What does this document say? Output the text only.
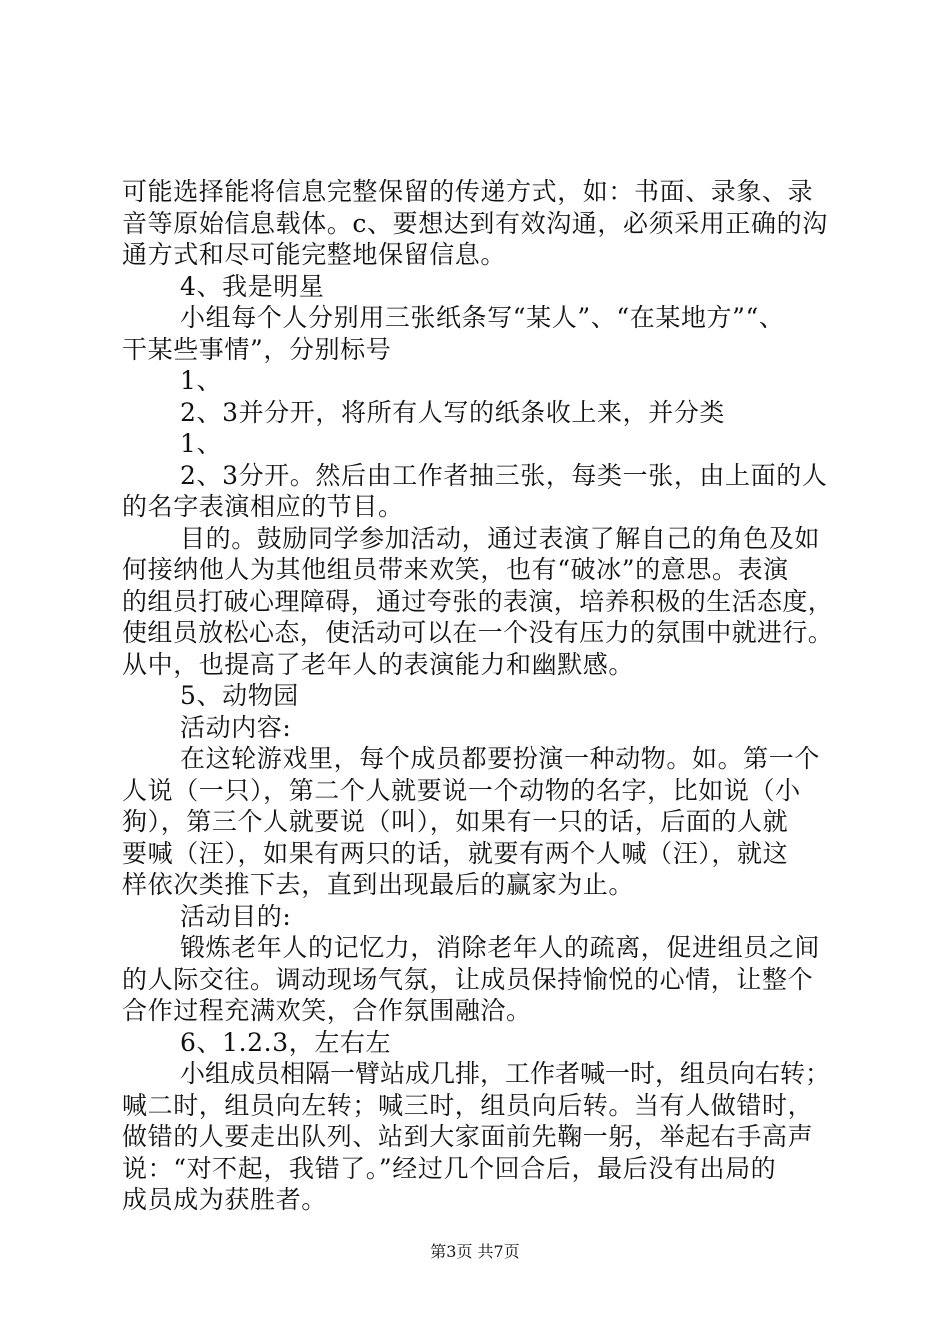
可能选择能将信息完整保留的传递方式，如：书面、录象、录
音等原始信息载体。c、要想达到有效沟通，必须采用正确的沟
通方式和尽可能完整地保留信息。
4、我是明星
小组每个人分别用三张纸条写“某人”、“在某地方”“、
干某些事情”，分别标号
1、
2、3并分开，将所有人写的纸条收上来，并分类
1、
2、3分开。然后由工作者抽三张，每类一张，由上面的人
的名字表演相应的节目。
目的。鼓励同学参加活动，通过表演了解自己的角色及如
何接纳他人为其他组员带来欢笑，也有“破冰”的意思。表演
的组员打破心理障碍，通过夸张的表演，培养积极的生活态度，
使组员放松心态，使活动可以在一个没有压力的氛围中就进行。
从中，也提高了老年人的表演能力和幽默感。
5、动物园
活动内容:
在这轮游戏里，每个成员都要扮演一种动物。如。第一个
人说（一只），第二个人就要说一个动物的名字，比如说（小
狗），第三个人就要说（叫），如果有一只的话，后面的人就
要喊（汪），如果有两只的话，就要有两个人喊（汪），就这
样依次类推下去，直到出现最后的赢家为止。
活动目的:
锻炼老年人的记忆力，消除老年人的疏离，促进组员之间
的人际交往。调动现场气氛，让成员保持愉悦的心情，让整个
合作过程充满欢笑，合作氛围融洽。
6、1.2.3，左右左
小组成员相隔一臂站成几排，工作者喊一时，组员向右转；
喊二时，组员向左转；喊三时，组员向后转。当有人做错时，
做错的人要走出队列、站到大家面前先鞠一躬，举起右手高声
说：“对不起，我错了。”经过几个回合后，最后没有出局的
成员成为获胜者。
第3页 共7页
